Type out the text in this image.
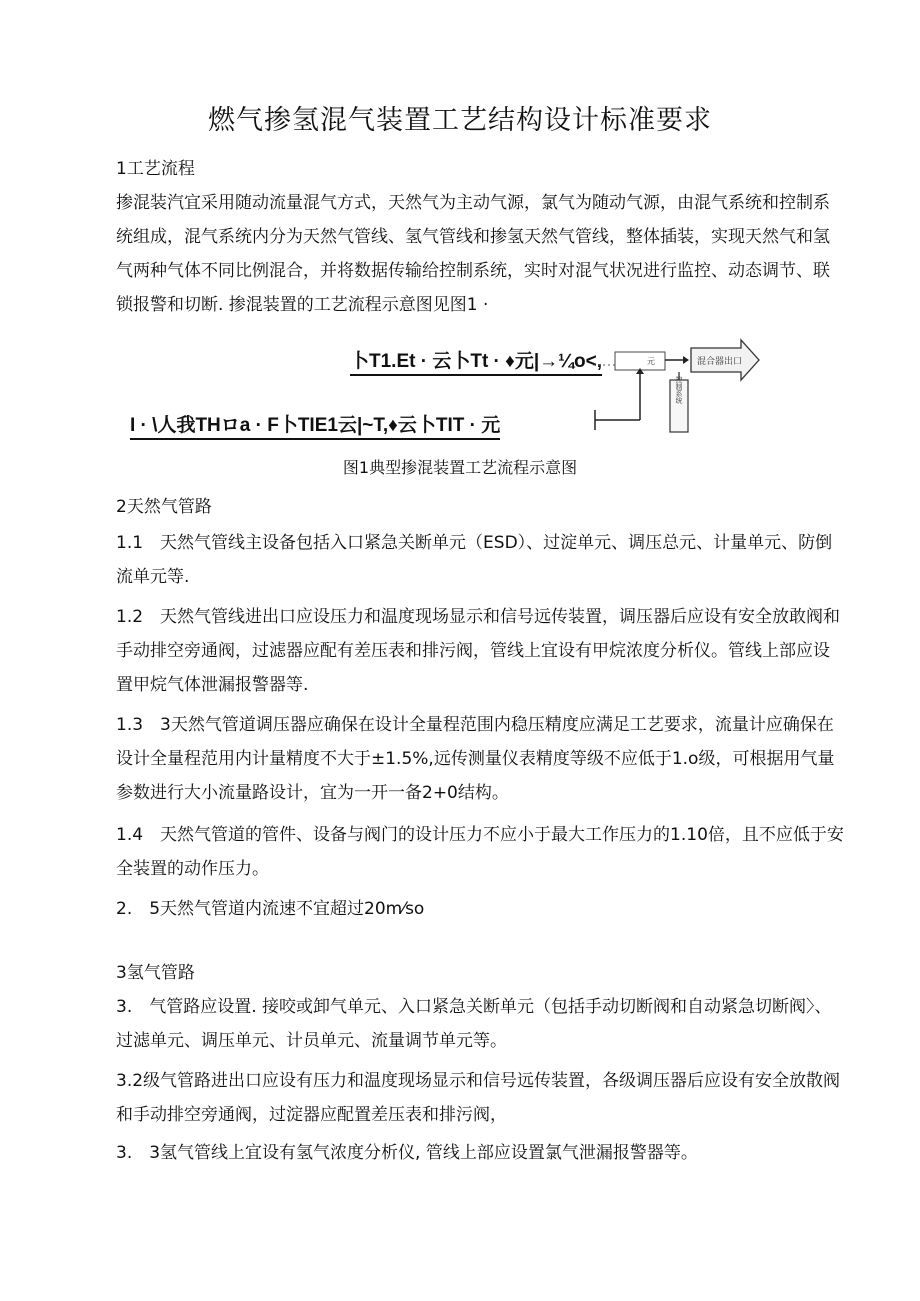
燃气掺氢混气装置工艺结构设计标准要求
1工艺流程

掺混装汽宜采用随动流量混气方式，天然气为主动气源，氯气为随动气源，由混气系统和控制系统组成，混气系统内分为天然气管线、氢气管线和掺氢天然气管线，整体插装，实现天然气和氢气两种气体不同比例混合，并将数据传输给控制系统，实时对混气状况进行监控、动态调节、联锁报警和切断. 掺混装置的工艺流程示意图见图1 ·

卜T1.Et · 云卜Tt · ♦元|→¼o<,
I · \人我THロa · F卜TIE1云|~T,♦云卜TIT · 元
元	混合器出口
控制系统
图1典型掺混装置工艺流程示意图
2天然气管路

1.1　天然气管线主设备包括入口紧急关断单元（ESD）、过淀单元、调压总元、计量单元、防倒流单元等.

1.2　天然气管线进出口应设压力和温度现场显示和信号远传装置，调压器后应设有安全放敢阀和手动排空旁通阀，过滤器应配有差压表和排污阀，管线上宜设有甲烷浓度分析仪。管线上部应设置甲烷气体泄漏报警器等.

1.3　3天然气管道调压器应确保在设计全量程范围内稳压精度应满足工艺要求，流量计应确保在设计全量程范用内计量精度不大于±1.5%,远传测量仪表精度等级不应低于1.o级，可根据用气量参数进行大小流量路设计，宜为一开一备2+0结构。

1.4　天然气管道的管件、设备与阀门的设计压力不应小于最大工作压力的1.10倍，且不应低于安全装置的动作压力。

2.　5天然气管道内流速不宜超过20m⁄so

3氢气管路

3.　气管路应设置. 接咬或卸气单元、入口紧急关断单元（包括手动切断阀和自动紧急切断阀〉、过滤单元、调压单元、计员单元、流量调节单元等。

3.2级气管路进出口应设有压力和温度现场显示和信号远传装置，各级调压器后应设有安全放散阀和手动排空旁通阀，过淀器应配置差压表和排污阀，

3.　3氢气管线上宜设有氢气浓度分析仪, 管线上部应设置氯气泄漏报警器等。
